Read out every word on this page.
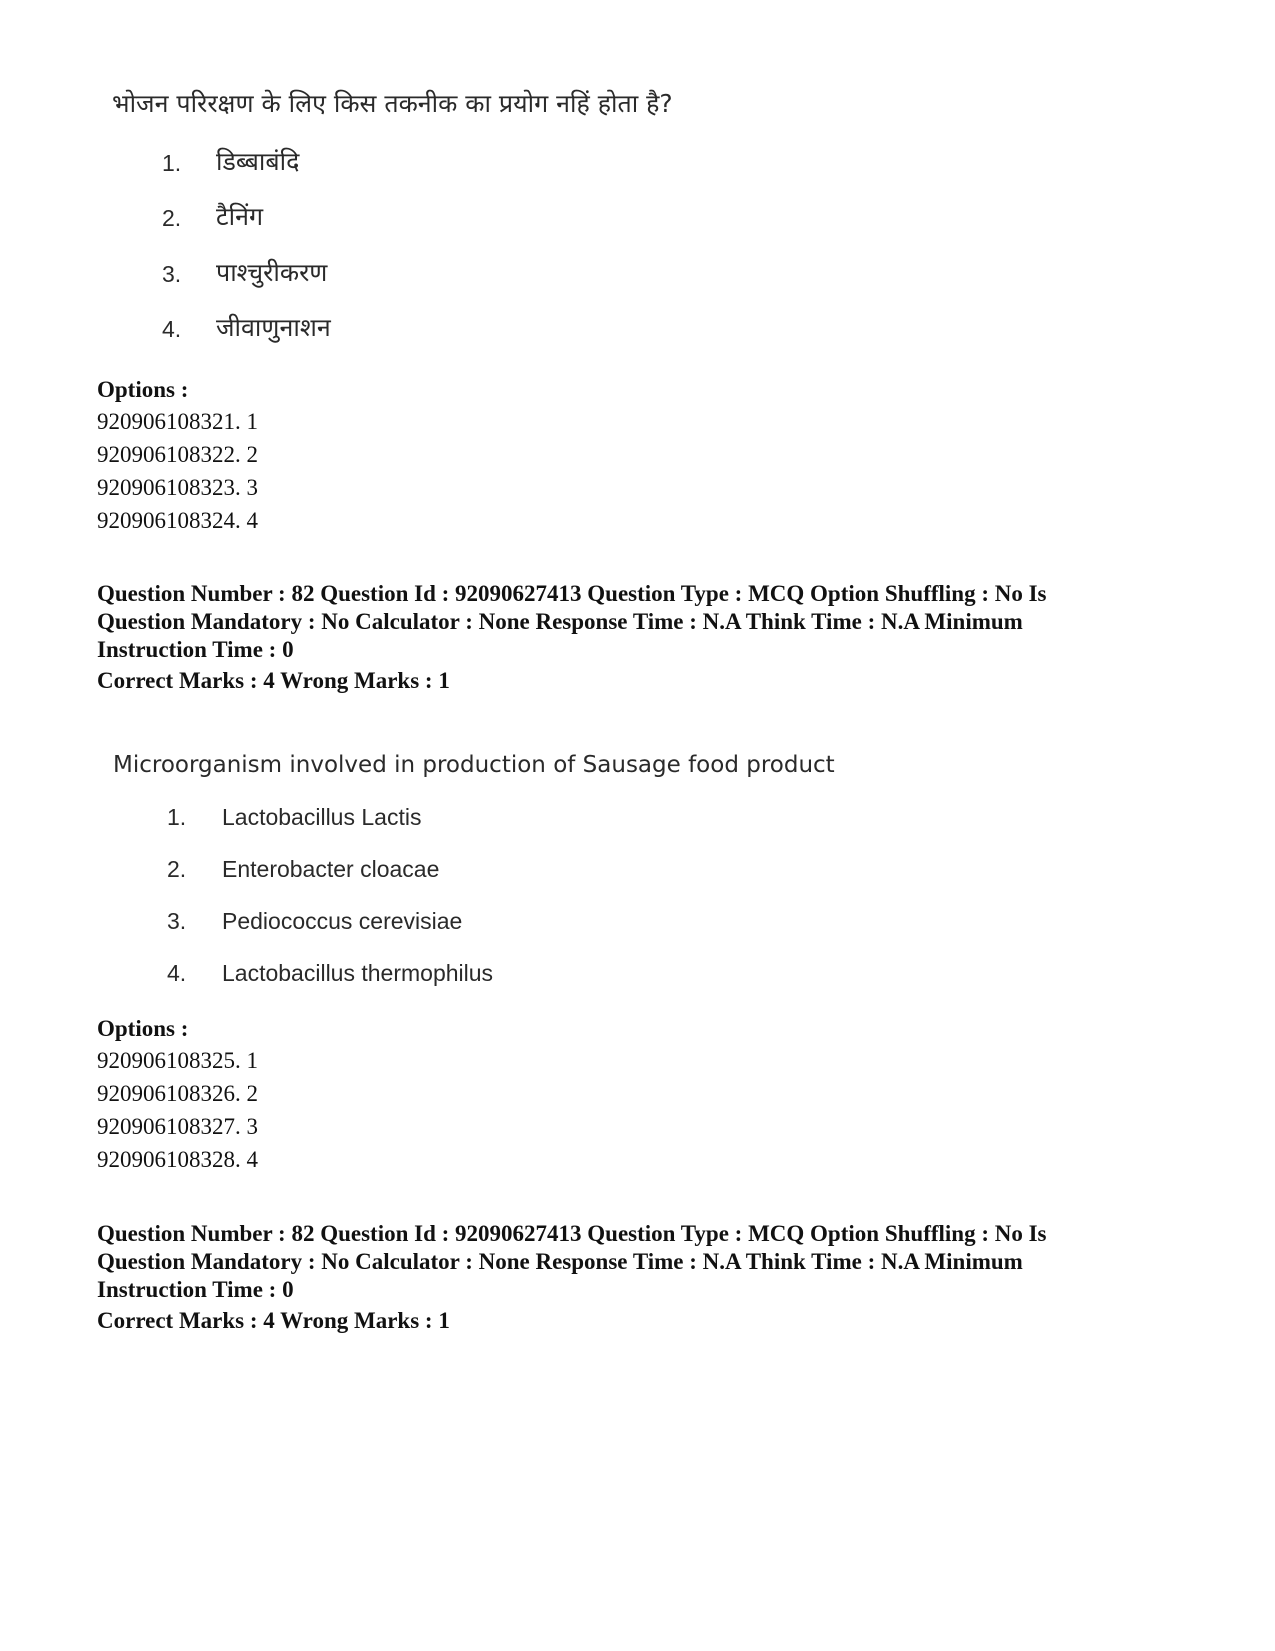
भोजन परिरक्षण के लिए किस तकनीक का प्रयोग नहिं होता है?
1. डिब्बाबंदि
2. टैनिंग
3. पाश्चुरीकरण
4. जीवाणुनाशन
Options :
920906108321. 1
920906108322. 2
920906108323. 3
920906108324. 4
Question Number : 82 Question Id : 92090627413 Question Type : MCQ Option Shuffling : No Is
Question Mandatory : No Calculator : None Response Time : N.A Think Time : N.A Minimum
Instruction Time : 0
Correct Marks : 4 Wrong Marks : 1
Microorganism involved in production of Sausage food product
1. Lactobacillus Lactis
2. Enterobacter cloacae
3. Pediococcus cerevisiae
4. Lactobacillus thermophilus
Options :
920906108325. 1
920906108326. 2
920906108327. 3
920906108328. 4
Question Number : 82 Question Id : 92090627413 Question Type : MCQ Option Shuffling : No Is
Question Mandatory : No Calculator : None Response Time : N.A Think Time : N.A Minimum
Instruction Time : 0
Correct Marks : 4 Wrong Marks : 1
